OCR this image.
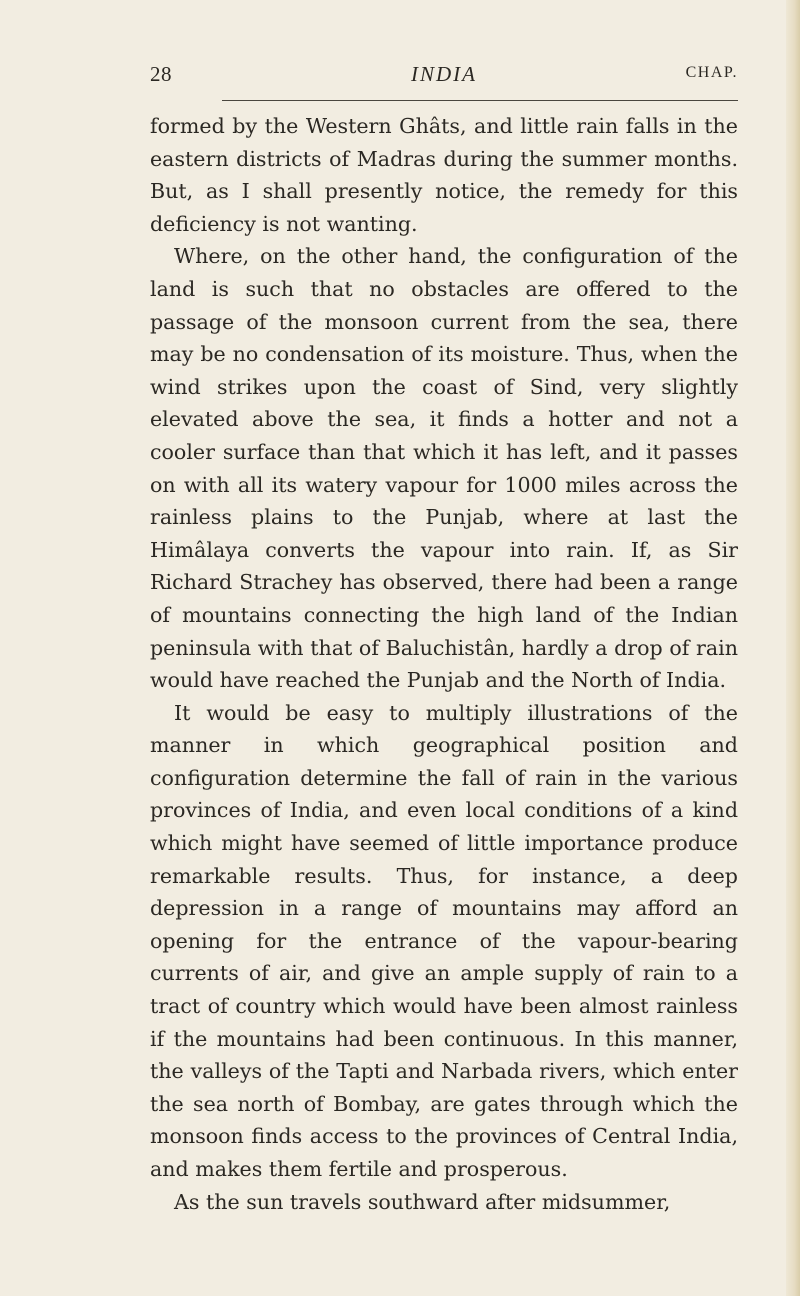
28	INDIA	CHAP.

formed by the Western Ghâts, and little rain falls in the eastern districts of Madras during the summer months. But, as I shall presently notice, the remedy for this deficiency is not wanting.

Where, on the other hand, the configuration of the land is such that no obstacles are offered to the passage of the monsoon current from the sea, there may be no condensation of its moisture. Thus, when the wind strikes upon the coast of Sind, very slightly elevated above the sea, it finds a hotter and not a cooler surface than that which it has left, and it passes on with all its watery vapour for 1000 miles across the rainless plains to the Punjab, where at last the Himâlaya converts the vapour into rain. If, as Sir Richard Strachey has observed, there had been a range of mountains connecting the high land of the Indian peninsula with that of Baluchistân, hardly a drop of rain would have reached the Punjab and the North of India.

It would be easy to multiply illustrations of the manner in which geographical position and configuration determine the fall of rain in the various provinces of India, and even local conditions of a kind which might have seemed of little importance produce remarkable results. Thus, for instance, a deep depression in a range of mountains may afford an opening for the entrance of the vapour-bearing currents of air, and give an ample supply of rain to a tract of country which would have been almost rainless if the mountains had been continuous. In this manner, the valleys of the Tapti and Narbada rivers, which enter the sea north of Bombay, are gates through which the monsoon finds access to the provinces of Central India, and makes them fertile and prosperous.

As the sun travels southward after midsummer,
